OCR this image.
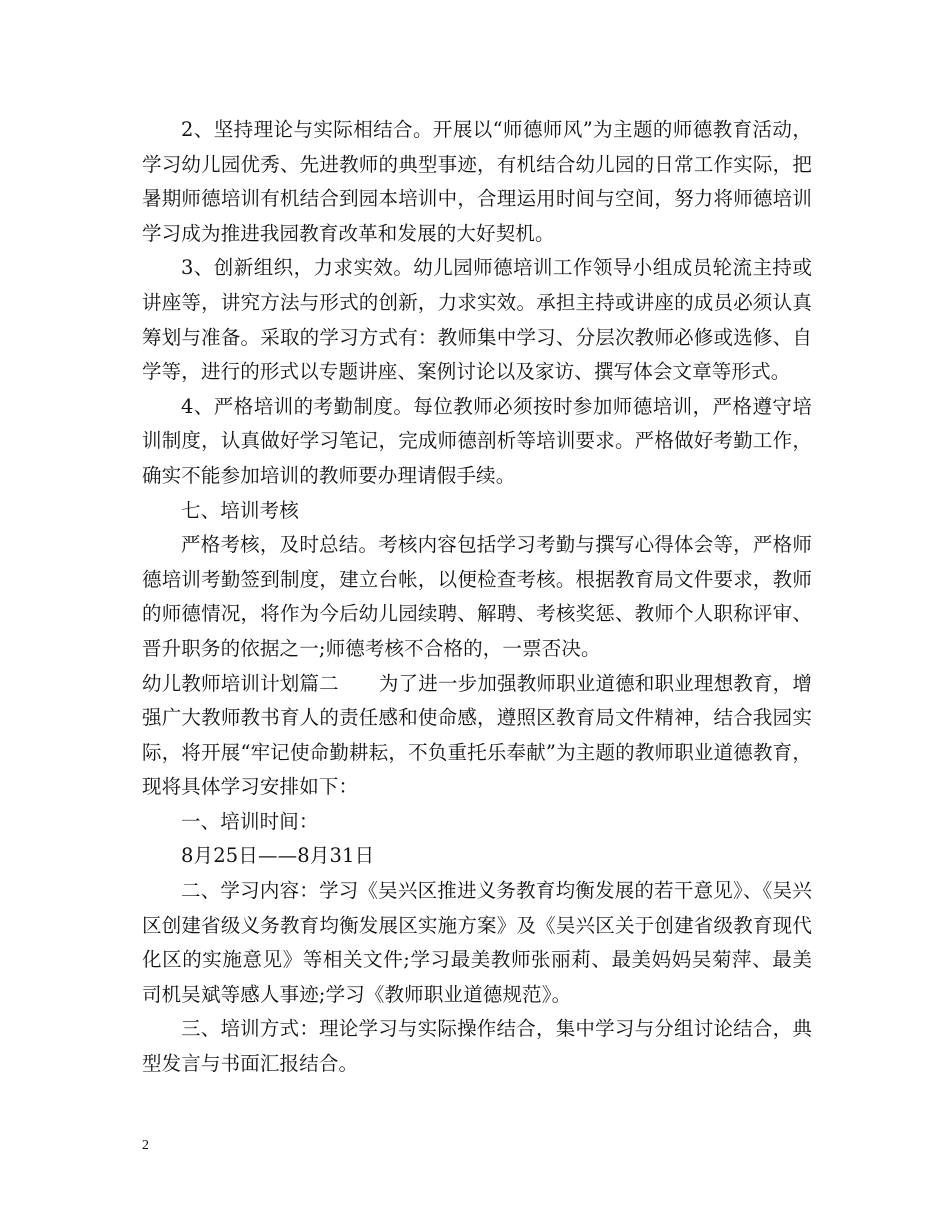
2、坚持理论与实际相结合。开展以“师德师风”为主题的师德教育活动，学习幼儿园优秀、先进教师的典型事迹，有机结合幼儿园的日常工作实际，把暑期师德培训有机结合到园本培训中，合理运用时间与空间，努力将师德培训学习成为推进我园教育改革和发展的大好契机。

3、创新组织，力求实效。幼儿园师德培训工作领导小组成员轮流主持或讲座等，讲究方法与形式的创新，力求实效。承担主持或讲座的成员必须认真筹划与准备。采取的学习方式有：教师集中学习、分层次教师必修或选修、自学等，进行的形式以专题讲座、案例讨论以及家访、撰写体会文章等形式。

4、严格培训的考勤制度。每位教师必须按时参加师德培训，严格遵守培训制度，认真做好学习笔记，完成师德剖析等培训要求。严格做好考勤工作，确实不能参加培训的教师要办理请假手续。

七、培训考核

严格考核，及时总结。考核内容包括学习考勤与撰写心得体会等，严格师德培训考勤签到制度，建立台帐，以便检查考核。根据教育局文件要求，教师的师德情况，将作为今后幼儿园续聘、解聘、考核奖惩、教师个人职称评审、晋升职务的依据之一;师德考核不合格的，一票否决。

幼儿教师培训计划篇二 为了进一步加强教师职业道德和职业理想教育，增强广大教师教书育人的责任感和使命感，遵照区教育局文件精神，结合我园实际，将开展“牢记使命勤耕耘，不负重托乐奉献”为主题的教师职业道德教育，现将具体学习安排如下：

一、培训时间：

8月25日——8月31日

二、学习内容：学习《吴兴区推进义务教育均衡发展的若干意见》、《吴兴区创建省级义务教育均衡发展区实施方案》及《吴兴区关于创建省级教育现代化区的实施意见》等相关文件;学习最美教师张丽莉、最美妈妈吴菊萍、最美司机吴斌等感人事迹;学习《教师职业道德规范》。

三、培训方式：理论学习与实际操作结合，集中学习与分组讨论结合，典型发言与书面汇报结合。

2
